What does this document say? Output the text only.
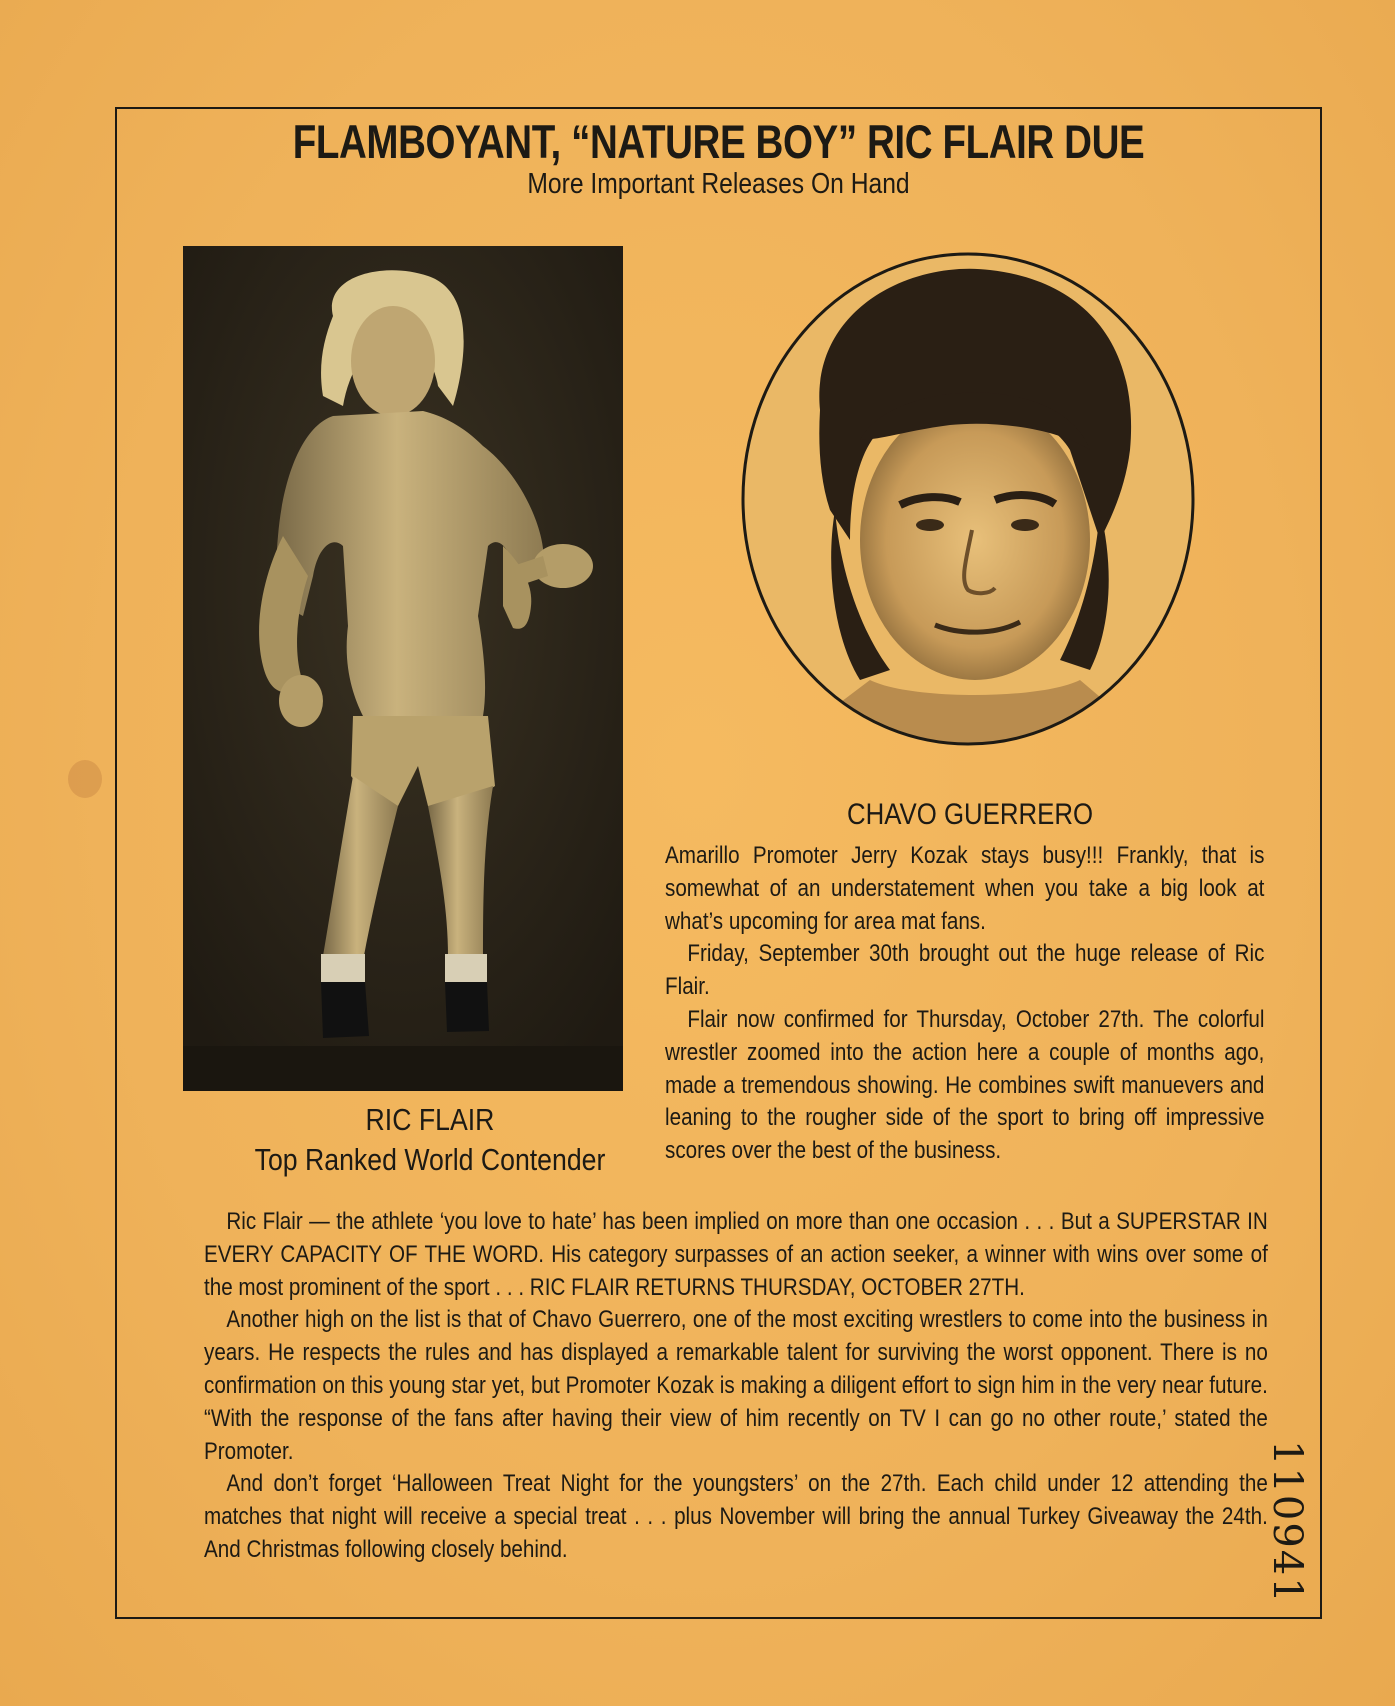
FLAMBOYANT, “NATURE BOY” RIC FLAIR DUE
More Important Releases On Hand
RIC FLAIR
Top Ranked World Contender
CHAVO GUERRERO

Amarillo Promoter Jerry Kozak stays busy!!! Frankly, that is somewhat of an understatement when you take a big look at what’s upcoming for area mat fans.

Friday, September 30th brought out the huge release of Ric Flair.

Flair now confirmed for Thursday, October 27th. The colorful wrestler zoomed into the action here a couple of months ago, made a tremendous showing. He combines swift manuevers and leaning to the rougher side of the sport to bring off impressive scores over the best of the business.

Ric Flair — the athlete ‘you love to hate’ has been implied on more than one occasion . . . But a SUPERSTAR IN EVERY CAPACITY OF THE WORD. His category surpasses of an action seeker, a winner with wins over some of the most prominent of the sport . . . RIC FLAIR RETURNS THURSDAY, OCTOBER 27TH.

Another high on the list is that of Chavo Guerrero, one of the most exciting wrestlers to come into the business in years. He respects the rules and has displayed a remarkable talent for surviving the worst opponent. There is no confirmation on this young star yet, but Promoter Kozak is making a diligent effort to sign him in the very near future. “With the response of the fans after having their view of him recently on TV I can go no other route,’ stated the Promoter.

And don’t forget ‘Halloween Treat Night for the youngsters’ on the 27th. Each child under 12 attending the matches that night will receive a special treat . . . plus November will bring the annual Turkey Giveaway the 24th. And Christmas following closely behind.	110941
